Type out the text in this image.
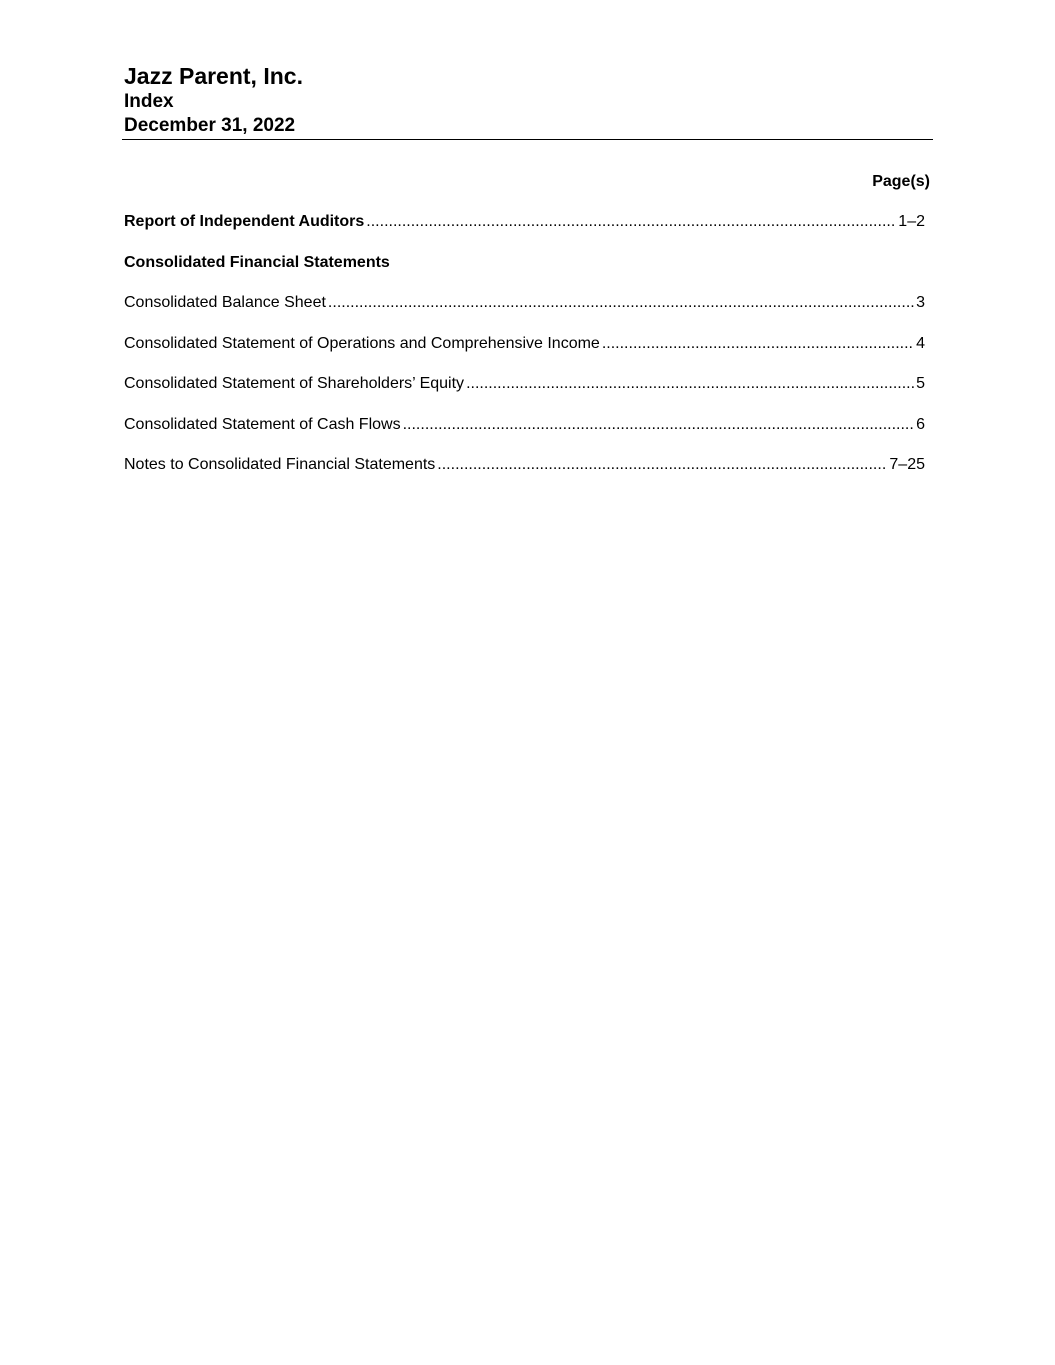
Jazz Parent, Inc.
Index
December 31, 2022
Page(s)
Report of Independent Auditors .....	1–2
Consolidated Financial Statements
Consolidated Balance Sheet .....	3
Consolidated Statement of Operations and Comprehensive Income .....	4
Consolidated Statement of Shareholders’ Equity .....	5
Consolidated Statement of Cash Flows .....	6
Notes to Consolidated Financial Statements .....	7–25
